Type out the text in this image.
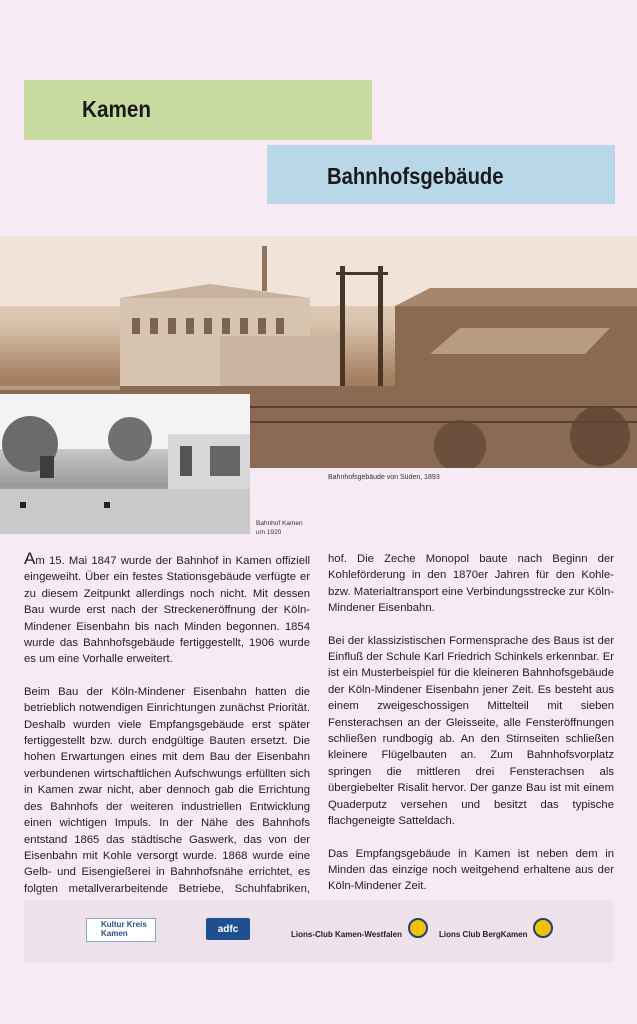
Kamen
Bahnhofsgebäude
Bahnhofsgebäude von Süden, 1893
Bahnhof Kamen
um 1920

Am 15. Mai 1847 wurde der Bahnhof in Kamen offiziell eingeweiht. Über ein festes Stationsgebäude verfügte er zu diesem Zeitpunkt allerdings noch nicht. Mit dessen Bau wurde erst nach der Streckeneröffnung der Köln-Mindener Eisenbahn bis nach Minden begonnen. 1854 wurde das Bahnhofsgebäude fertiggestellt, 1906 wurde es um eine Vorhalle erweitert.

Beim Bau der Köln-Mindener Eisenbahn hatten die betrieblich notwendigen Einrichtungen zunächst Priorität. Deshalb wurden viele Empfangsgebäude erst später fertiggestellt bzw. durch endgültige Bauten ersetzt. Die hohen Erwartungen eines mit dem Bau der Eisenbahn verbundenen wirtschaftlichen Aufschwungs erfüllten sich in Kamen zwar nicht, aber dennoch gab die Errichtung des Bahnhofs der weiteren industriellen Entwicklung einen wichtigen Impuls. In der Nähe des Bahnhofs entstand 1865 das städtische Gaswerk, das von der Eisenbahn mit Kohle versorgt wurde. 1868 wurde eine Gelb- und Eisengießerei in Bahnhofsnähe errichtet, es folgten metallverarbeitende Betriebe, Schuhfabriken,

hof. Die Zeche Monopol baute nach Beginn der Kohleförderung in den 1870er Jahren für den Kohle- bzw. Materialtransport eine Verbindungsstrecke zur Köln-Mindener Eisenbahn.

Bei der klassizistischen Formensprache des Baus ist der Einfluß der Schule Karl Friedrich Schinkels erkennbar. Er ist ein Musterbeispiel für die kleineren Bahnhofsgebäude der Köln-Mindener Eisenbahn jener Zeit. Es besteht aus einem zweigeschossigen Mittelteil mit sieben Fensterachsen an der Gleisseite, alle Fensteröffnungen schließen rundbogig ab. An den Stirnseiten schließen kleinere Flügelbauten an. Zum Bahnhofsvorplatz springen die mittleren drei Fensterachsen als übergiebelter Risalit hervor. Der ganze Bau ist mit einem Quaderputz versehen und besitzt das typische flachgeneigte Satteldach.

Das Empfangsgebäude in Kamen ist neben dem in Minden das einzige noch weitgehend erhaltene aus der Köln-Mindener Zeit.

Kultur Kreis
Kamen	adfc	Lions-Club Kamen-Westfalen	Lions Club BergKamen
